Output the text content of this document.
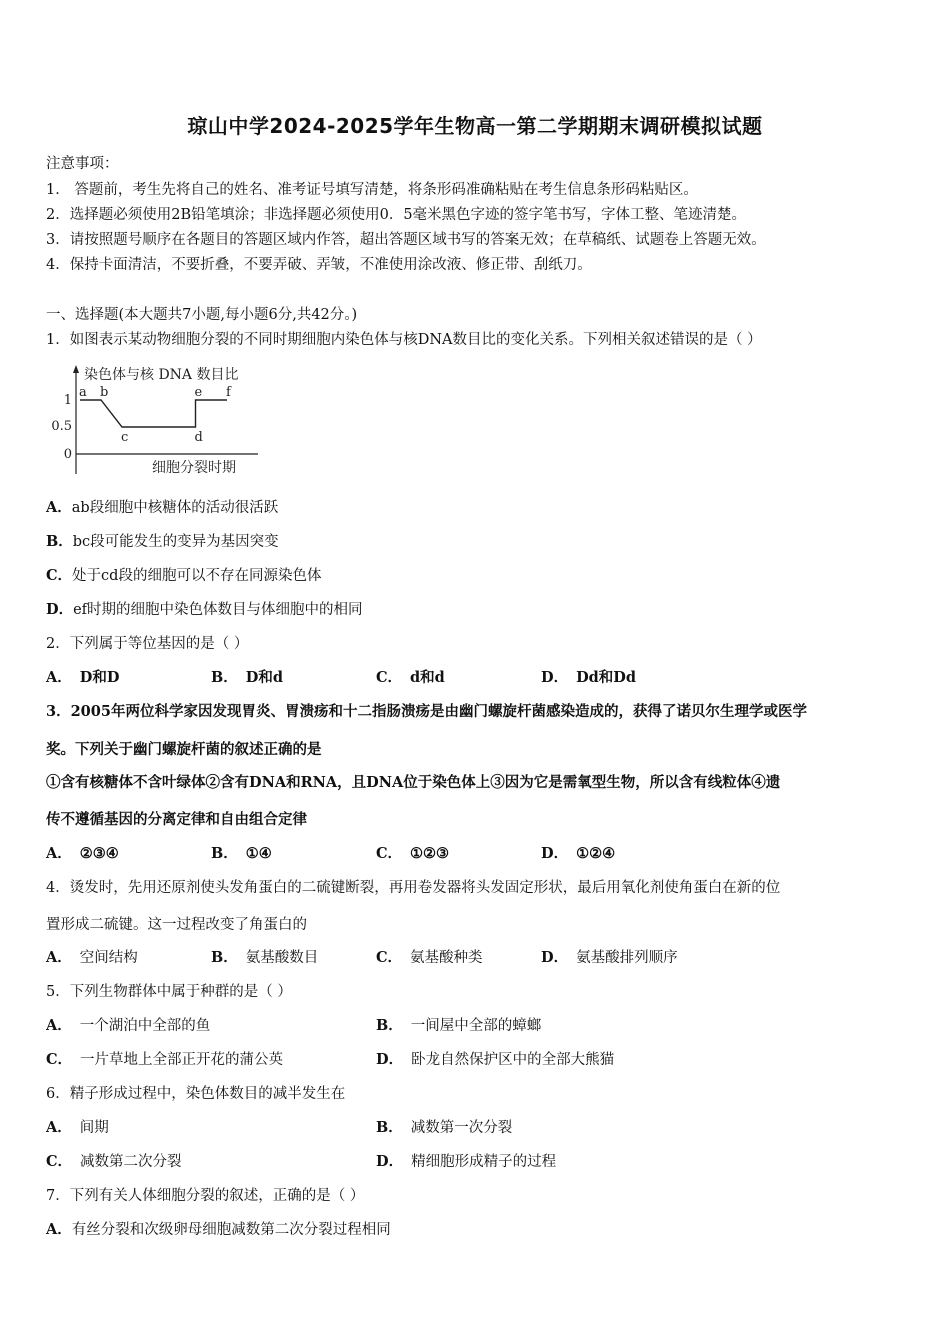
琼山中学2024-2025学年生物高一第二学期期末调研模拟试题
注意事项：
1． 答题前，考生先将自己的姓名、准考证号填写清楚，将条形码准确粘贴在考生信息条形码粘贴区。
2．选择题必须使用2B铅笔填涂；非选择题必须使用0．5毫米黑色字迹的签字笔书写，字体工整、笔迹清楚。
3．请按照题号顺序在各题目的答题区域内作答，超出答题区域书写的答案无效；在草稿纸、试题卷上答题无效。
4．保持卡面清洁，不要折叠，不要弄破、弄皱，不准使用涂改液、修正带、刮纸刀。
一、选择题(本大题共7小题,每小题6分,共42分。)
1．如图表示某动物细胞分裂的不同时期细胞内染色体与核DNA数目比的变化关系。下列相关叙述错误的是（ ）
染色体与核 DNA 数目比
1
0.5
0
细胞分裂时期
a b
c	d
e f
A．ab段细胞中核糖体的活动很活跃
B．bc段可能发生的变异为基因突变
C．处于cd段的细胞可以不存在同源染色体
D．ef时期的细胞中染色体数目与体细胞中的相同
2．下列属于等位基因的是（ ）
A． D和D	B． D和d	C． d和d	D． Dd和Dd
3．2005年两位科学家因发现胃炎、胃溃疡和十二指肠溃疡是由幽门螺旋杆菌感染造成的，获得了诺贝尔生理学或医学
奖。下列关于幽门螺旋杆菌的叙述正确的是
①含有核糖体不含叶绿体②含有DNA和RNA，且DNA位于染色体上③因为它是需氧型生物，所以含有线粒体④遗
传不遵循基因的分离定律和自由组合定律
A． ②③④	B． ①④	C． ①②③	D． ①②④
4．烫发时，先用还原剂使头发角蛋白的二硫键断裂，再用卷发器将头发固定形状，最后用氧化剂使角蛋白在新的位
置形成二硫键。这一过程改变了角蛋白的
A． 空间结构	B． 氨基酸数目	C． 氨基酸种类	D． 氨基酸排列顺序
5．下列生物群体中属于种群的是（ ）
A． 一个湖泊中全部的鱼	B． 一间屋中全部的蟑螂
C． 一片草地上全部正开花的蒲公英	D． 卧龙自然保护区中的全部大熊猫
6．精子形成过程中，染色体数目的减半发生在
A． 间期	B． 减数第一次分裂
C． 减数第二次分裂	D． 精细胞形成精子的过程
7．下列有关人体细胞分裂的叙述，正确的是（ ）
A．有丝分裂和次级卵母细胞减数第二次分裂过程相同
